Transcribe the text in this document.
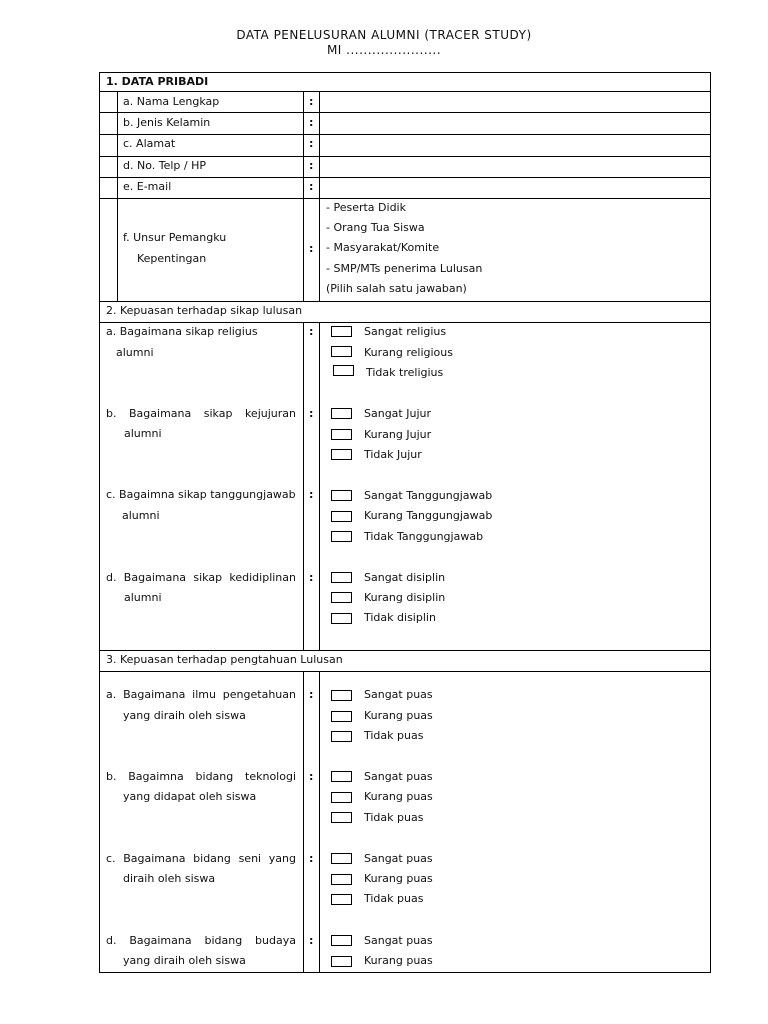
DATA PENELUSURAN ALUMNI (TRACER STUDY)
MI ......................
1. DATA PRIBADI
a. Nama Lengkap	:
b. Jenis Kelamin	:
c. Alamat	:
d. No. Telp / HP	:
e. E-mail	:
f. Unsur Pemangku
Kepentingan
:
- Peserta Didik
- Orang Tua Siswa
- Masyarakat/Komite
- SMP/MTs penerima Lulusan
(Pilih salah satu jawaban)
2. Kepuasan terhadap sikap lulusan
a. Bagaimana sikap religius
alumni
:	Sangat religius
Kurang religious
Tidak treligius
b. Bagaimana sikap kejujuran
alumni
:	Sangat Jujur
Kurang Jujur
Tidak Jujur
c. Bagaimna sikap tanggungjawab
alumni
:	Sangat Tanggungjawab
Kurang Tanggungjawab
Tidak Tanggungjawab
d. Bagaimana sikap kedidiplinan
alumni
:	Sangat disiplin
Kurang disiplin
Tidak disiplin
3. Kepuasan terhadap pengtahuan Lulusan
a. Bagaimana ilmu pengetahuan
yang diraih oleh siswa
:	Sangat puas
Kurang puas
Tidak puas
b. Bagaimna bidang teknologi
yang didapat oleh siswa
:	Sangat puas
Kurang puas
Tidak puas
c. Bagaimana bidang seni yang
diraih oleh siswa
:	Sangat puas
Kurang puas
Tidak puas
d. Bagaimana bidang budaya
yang diraih oleh siswa
:	Sangat puas
Kurang puas
